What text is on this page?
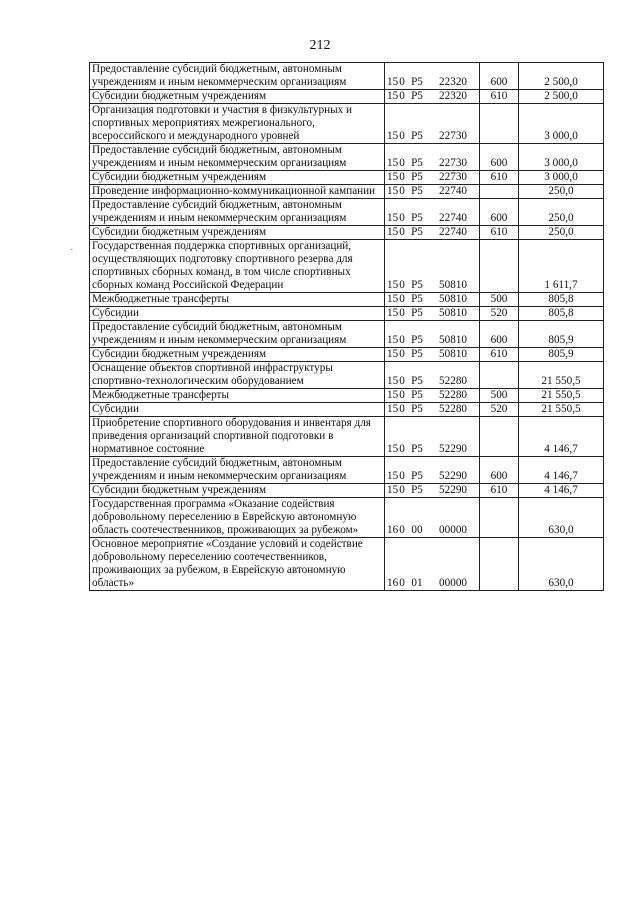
212
·
Предоставление субсидий бюджетным, автономным учреждениям и иным некоммерческим организациям	150 P5 22320	600	2 500,0
Субсидии бюджетным учреждениям	150 P5 22320	610	2 500,0
Организация подготовки и участия в физкультурных и спортивных мероприятиях межрегионального, всероссийского и международного уровней	150 P5 22730		3 000,0
Предоставление субсидий бюджетным, автономным учреждениям и иным некоммерческим организациям	150 P5 22730	600	3 000,0
Субсидии бюджетным учреждениям	150 P5 22730	610	3 000,0
Проведение информационно-коммуникационной кампании	150 P5 22740		250,0
Предоставление субсидий бюджетным, автономным учреждениям и иным некоммерческим организациям	150 P5 22740	600	250,0
Субсидии бюджетным учреждениям	150 P5 22740	610	250,0
Государственная поддержка спортивных организаций, осуществляющих подготовку спортивного резерва для спортивных сборных команд, в том числе спортивных сборных команд Российской Федерации	150 P5 50810		1 611,7
Межбюджетные трансферты	150 P5 50810	500	805,8
Субсидии	150 P5 50810	520	805,8
Предоставление субсидий бюджетным, автономным учреждениям и иным некоммерческим организациям	150 P5 50810	600	805,9
Субсидии бюджетным учреждениям	150 P5 50810	610	805,9
Оснащение объектов спортивной инфраструктуры спортивно-технологическим оборудованием	150 P5 52280		21 550,5
Межбюджетные трансферты	150 P5 52280	500	21 550,5
Субсидии	150 P5 52280	520	21 550,5
Приобретение спортивного оборудования и инвентаря для приведения организаций спортивной подготовки в нормативное состояние	150 P5 52290		4 146,7
Предоставление субсидий бюджетным, автономным учреждениям и иным некоммерческим организациям	150 P5 52290	600	4 146,7
Субсидии бюджетным учреждениям	150 P5 52290	610	4 146,7
Государственная программа «Оказание содействия добровольному переселению в Еврейскую автономную область соотечественников, проживающих за рубежом»	160 00 00000		630,0
Основное мероприятие «Создание условий и содействие добровольному переселению соотечественников, проживающих за рубежом, в Еврейскую автономную область»	160 01 00000		630,0
